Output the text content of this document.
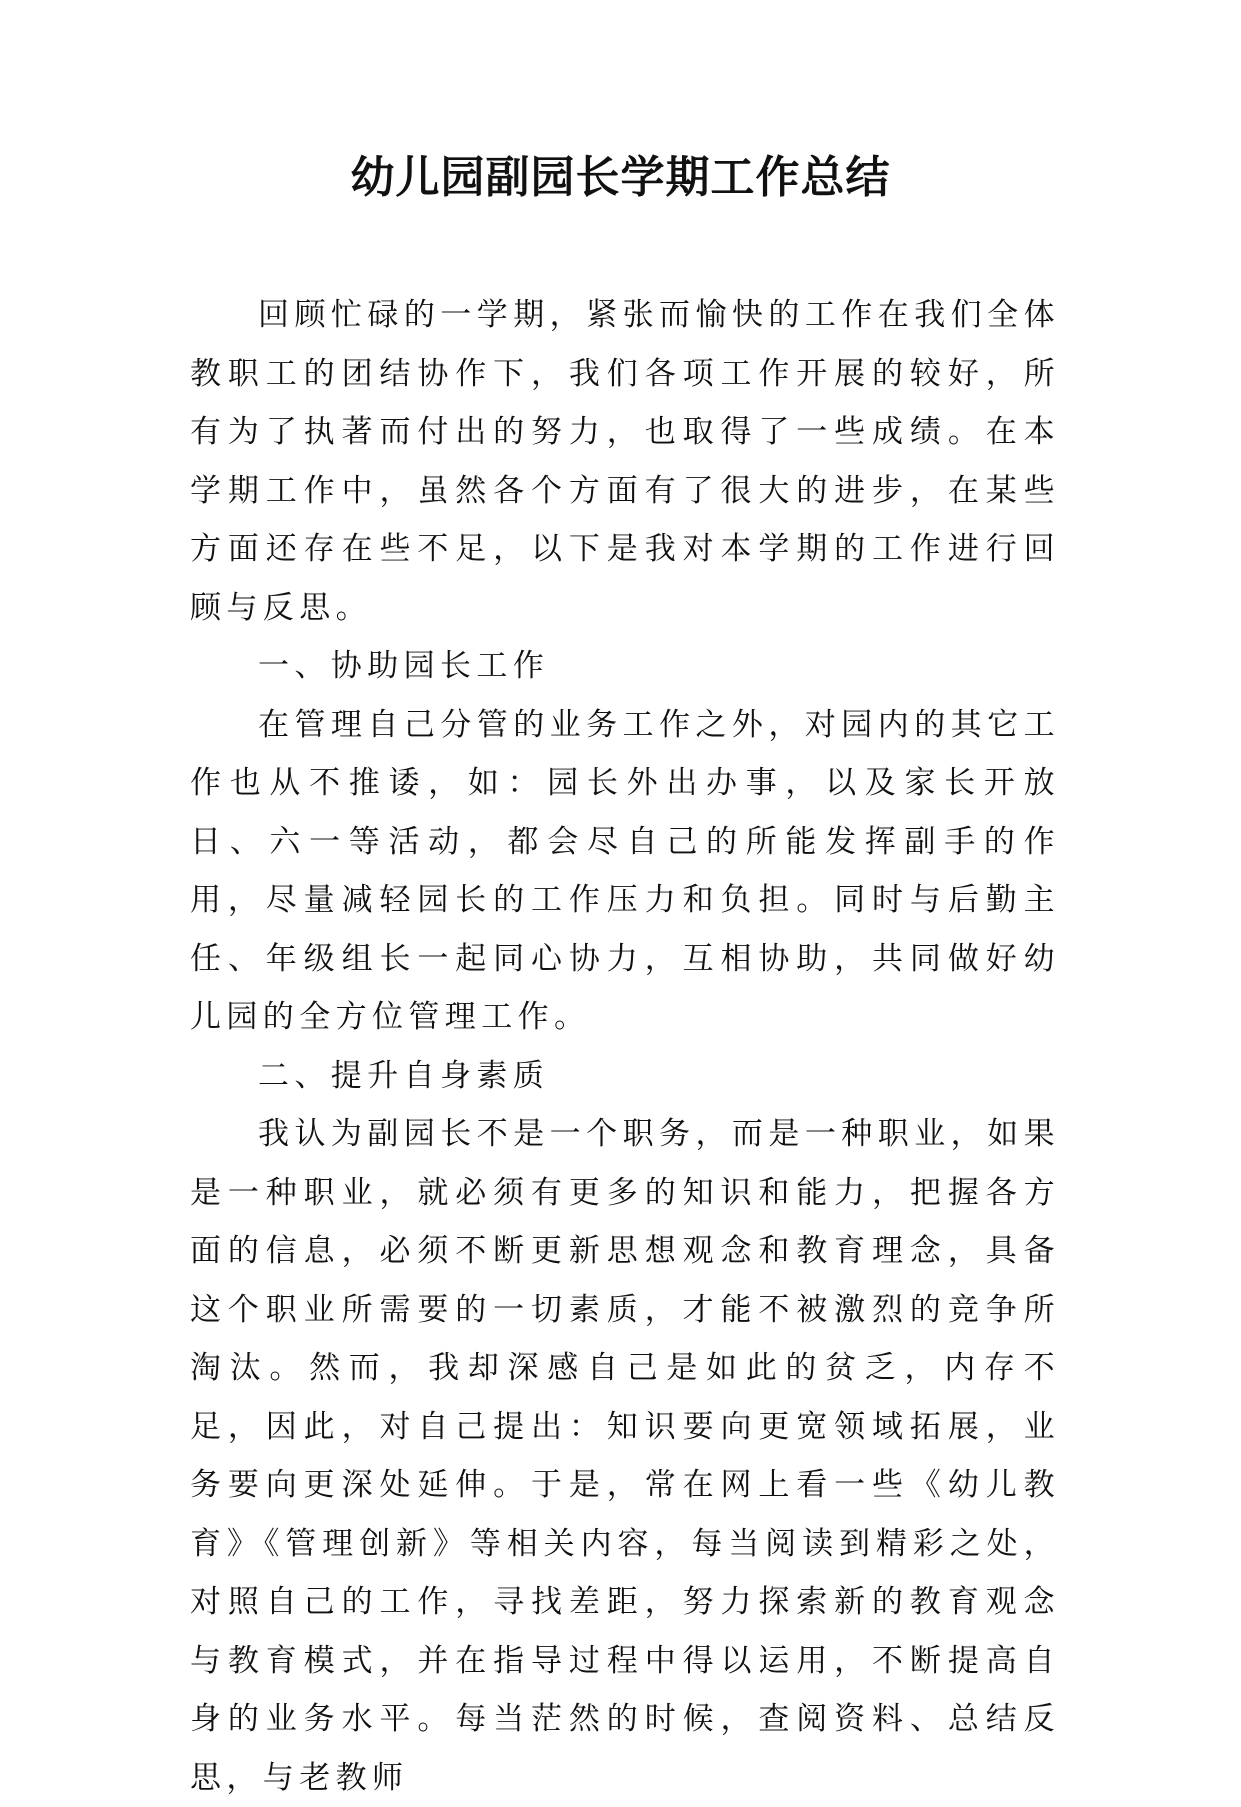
幼儿园副园长学期工作总结

回顾忙碌的一学期，紧张而愉快的工作在我们全体教职工的团结协作下，我们各项工作开展的较好，所有为了执著而付出的努力，也取得了一些成绩。在本学期工作中，虽然各个方面有了很大的进步，在某些方面还存在些不足，以下是我对本学期的工作进行回顾与反思。

一、协助园长工作

在管理自己分管的业务工作之外，对园内的其它工作也从不推诿，如：园长外出办事，以及家长开放日、六一等活动，都会尽自己的所能发挥副手的作用，尽量减轻园长的工作压力和负担。同时与后勤主任、年级组长一起同心协力，互相协助，共同做好幼儿园的全方位管理工作。

二、提升自身素质

我认为副园长不是一个职务，而是一种职业，如果是一种职业，就必须有更多的知识和能力，把握各方面的信息，必须不断更新思想观念和教育理念，具备这个职业所需要的一切素质，才能不被激烈的竞争所淘汰。然而，我却深感自己是如此的贫乏，内存不足，因此，对自己提出：知识要向更宽领域拓展，业务要向更深处延伸。于是，常在网上看一些《幼儿教育》《管理创新》等相关内容，每当阅读到精彩之处，对照自己的工作，寻找差距，努力探索新的教育观念与教育模式，并在指导过程中得以运用，不断提高自身的业务水平。每当茫然的时候，查阅资料、总结反思，与老教师
